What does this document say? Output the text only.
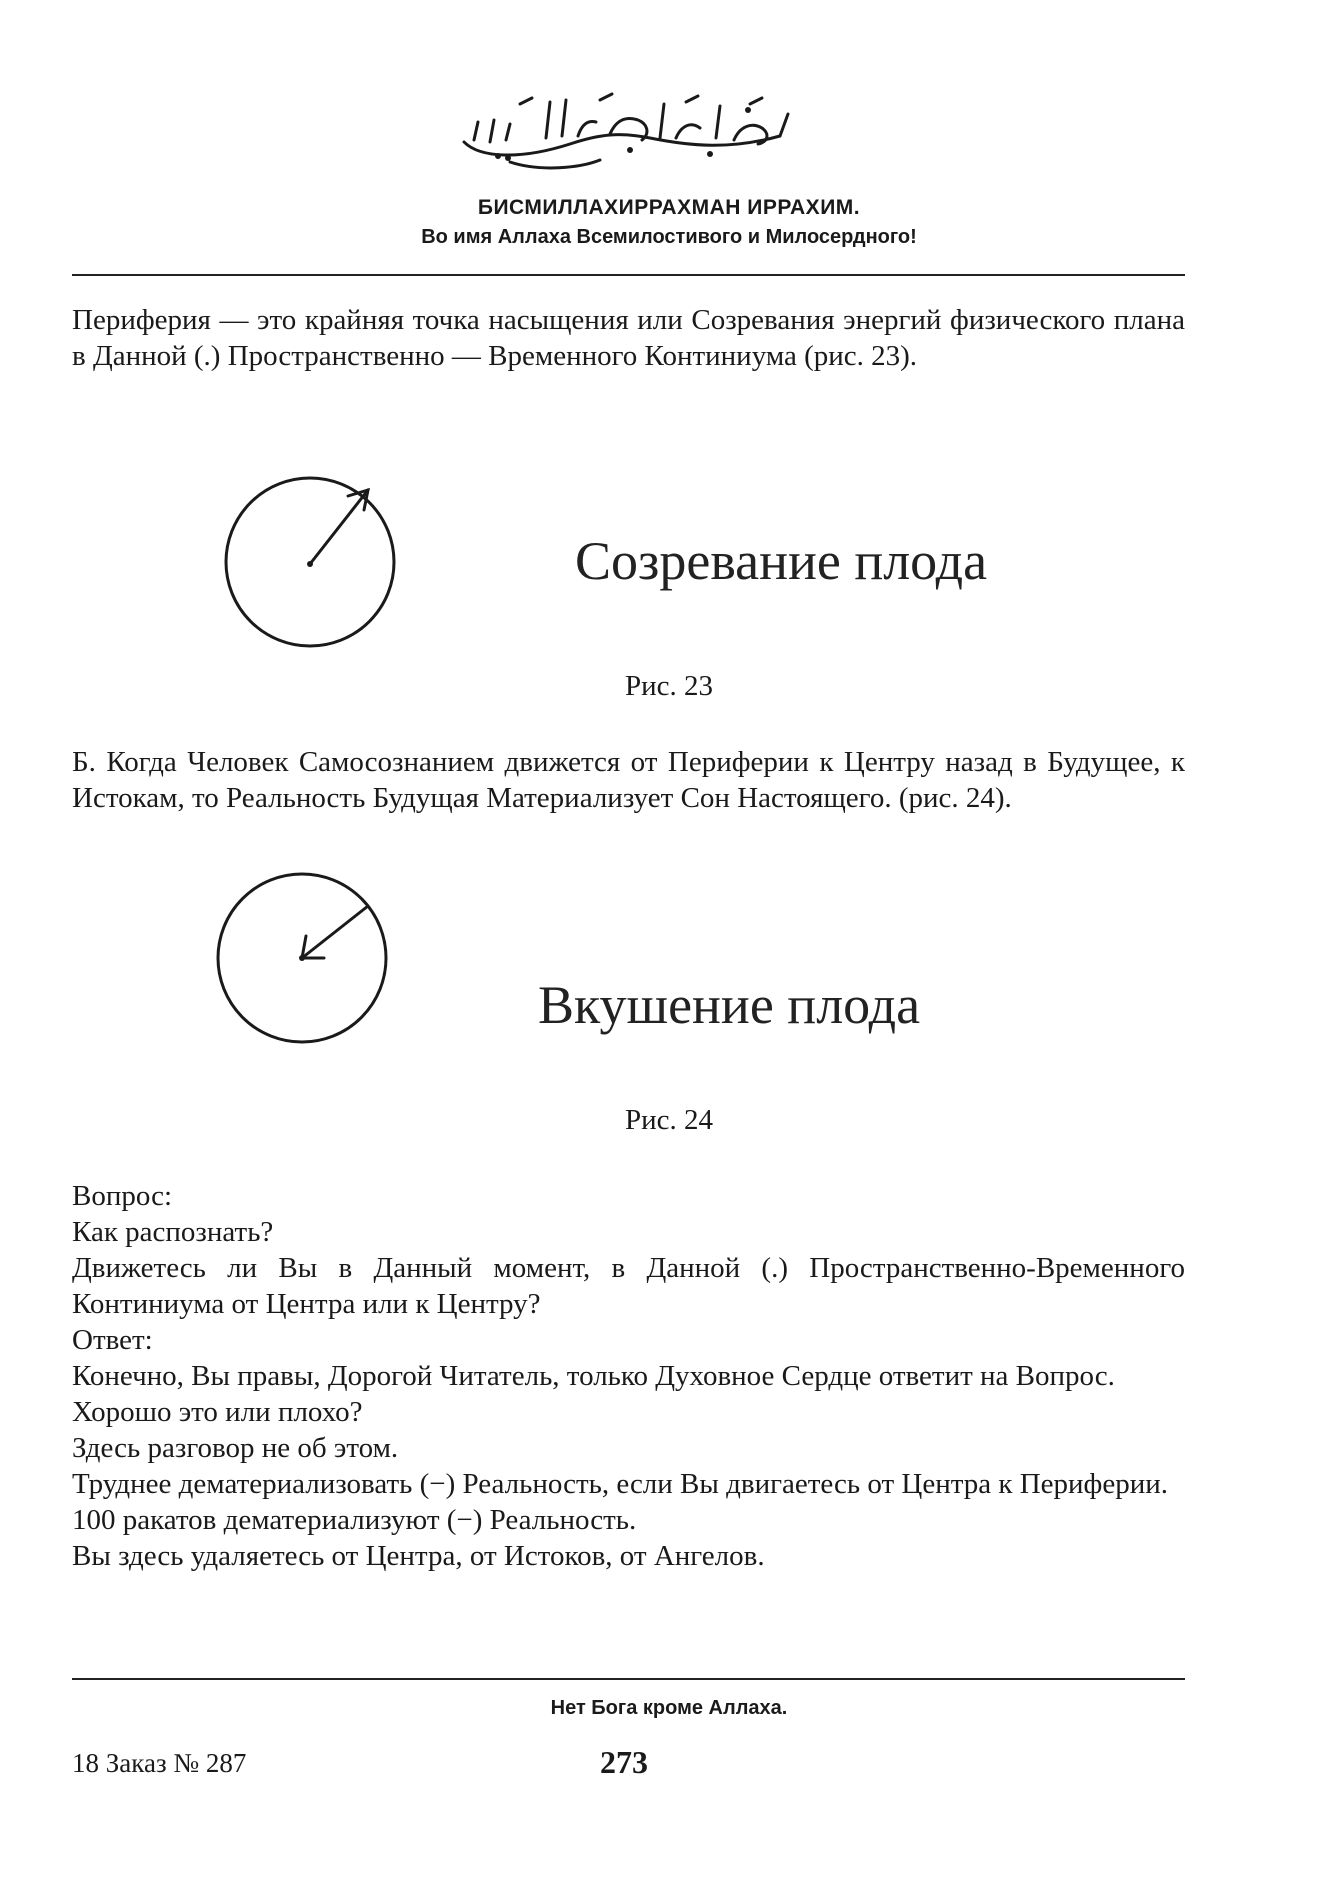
БИСМИЛЛАХИРРАХМАН ИРРАХИМ.
Во имя Аллаха Всемилостивого и Милосердного!
Периферия — это крайняя точка насыщения или Созревания энергий физического плана в Данной (.) Пространственно — Временного Континиума (рис. 23).
Созревание плода
Рис. 23
Б. Когда Человек Самосознанием движется от Периферии к Центру назад в Будущее, к Истокам, то Реальность Будущая Материализует Сон Настоящего. (рис. 24).
Вкушение плода
Рис. 24
Вопрос:
Как распознать?
Движетесь ли Вы в Данный момент, в Данной (.) Пространственно-Временного Континиума от Центра или к Центру?
Ответ:
Конечно, Вы правы, Дорогой Читатель, только Духовное Сердце ответит на Вопрос.
Хорошо это или плохо?
Здесь разговор не об этом.
Труднее дематериализовать (−) Реальность, если Вы двигаетесь от Центра к Периферии.
100 ракатов дематериализуют (−) Реальность.
Вы здесь удаляетесь от Центра, от Истоков, от Ангелов.
Нет Бога кроме Аллаха.
18 Заказ № 287	273
